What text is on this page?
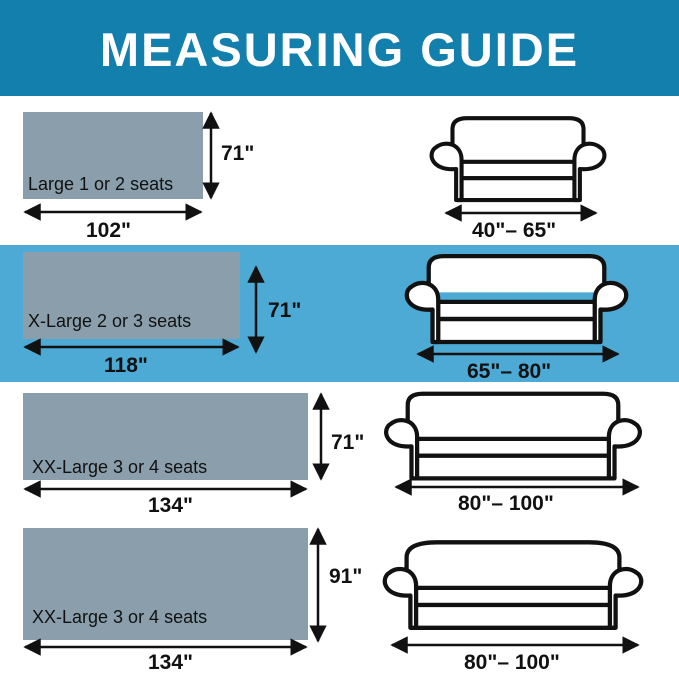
MEASURING GUIDE
Large 1 or 2 seats
71"
102"	40"– 65"
X-Large 2 or 3 seats	71"
118"	65"– 80"
XX-Large 3 or 4 seats
71"
134"	80"– 100"
XX-Large 3 or 4 seats
91"
134"	80"– 100"
